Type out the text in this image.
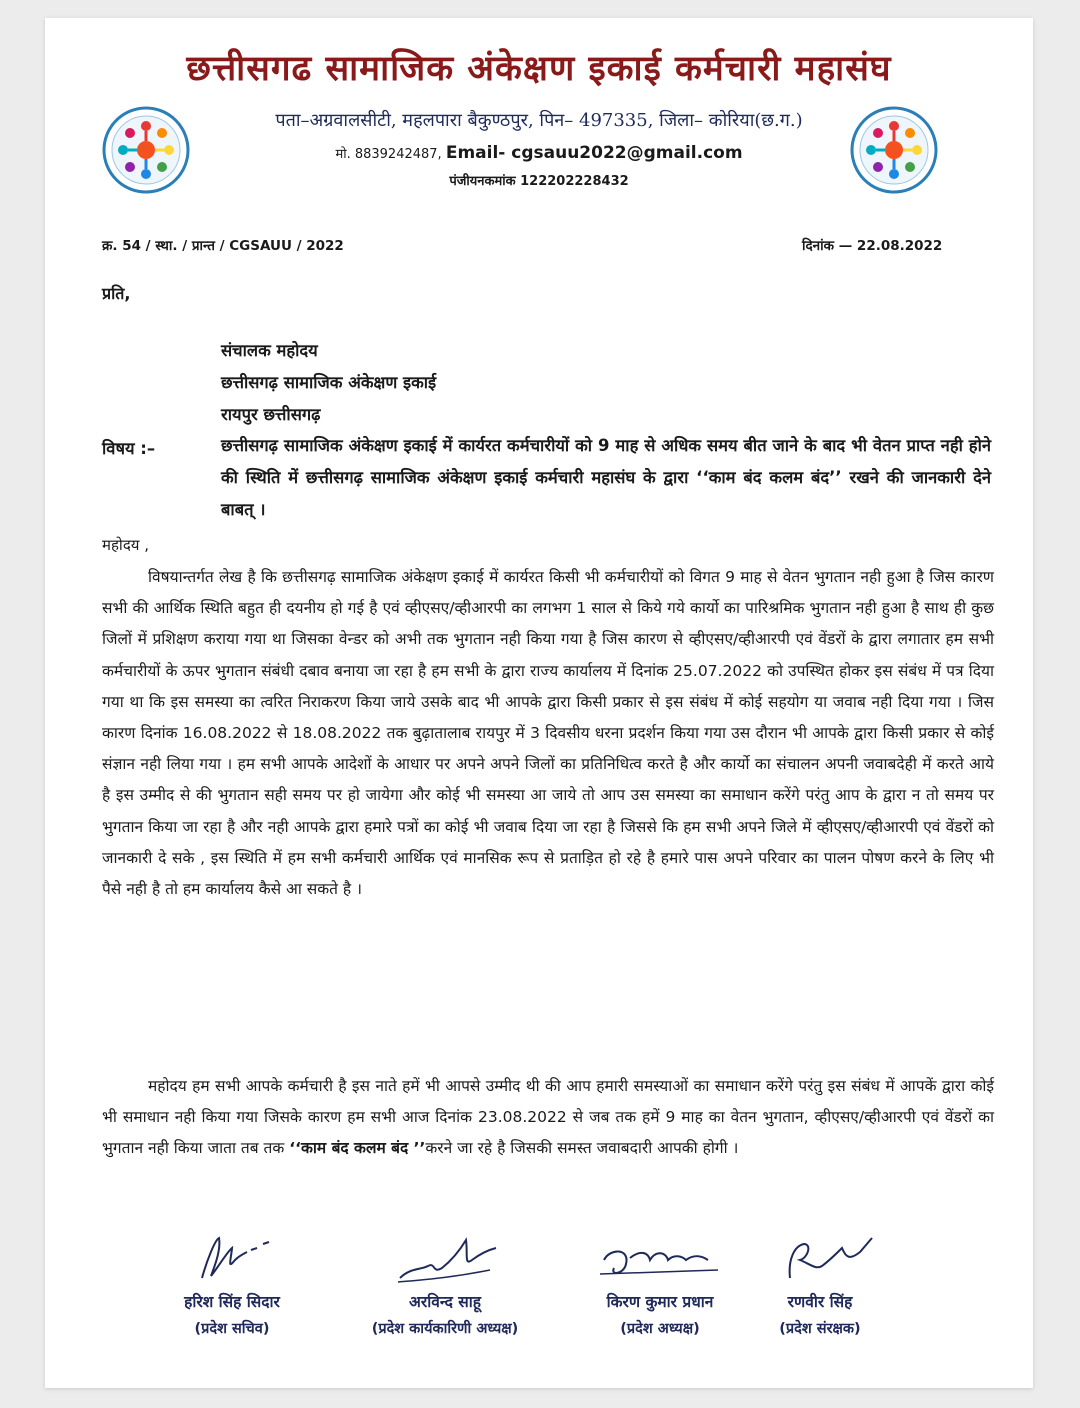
छत्तीसगढ सामाजिक अंकेक्षण इकाई कर्मचारी महासंघ
पता–अग्रवालसीटी, महलपारा बैकुण्ठपुर, पिन– 497335, जिला– कोरिया(छ.ग.)
मो. 8839242487, Email- cgsauu2022@gmail.com
पंजीयनकमांक 122202228432
क्र. 54 / स्था. / प्रान्त / CGSAUU / 2022	दिनांक — 22.08.2022
प्रति,
संचालक महोदय
छत्तीसगढ़ सामाजिक अंकेक्षण इकाई
रायपुर छत्तीसगढ़
विषय :–	छत्तीसगढ़ सामाजिक अंकेक्षण इकाई में कार्यरत कर्मचारीयों को 9 माह से अधिक समय बीत जाने के बाद भी वेतन प्राप्त नही होने की स्थिति में छत्तीसगढ़ सामाजिक अंकेक्षण इकाई कर्मचारी महासंघ के द्वारा ‘‘काम बंद कलम बंद’’ रखने की जानकारी देने बाबत् ।
महोदय ,
विषयान्तर्गत लेख है कि छत्तीसगढ़ सामाजिक अंकेक्षण इकाई में कार्यरत किसी भी कर्मचारीयों को विगत 9 माह से वेतन भुगतान नही हुआ है जिस कारण सभी की आर्थिक स्थिति बहुत ही दयनीय हो गई है एवं व्हीएसए/व्हीआरपी का लगभग 1 साल से किये गये कार्यो का पारिश्रमिक भुगतान नही हुआ है साथ ही कुछ जिलों में प्रशिक्षण कराया गया था जिसका वेन्डर को अभी तक भुगतान नही किया गया है जिस कारण से व्हीएसए/व्हीआरपी एवं वेंडरों के द्वारा लगातार हम सभी कर्मचारीयों के ऊपर भुगतान संबंधी दबाव बनाया जा रहा है हम सभी के द्वारा राज्य कार्यालय में दिनांक 25.07.2022 को उपस्थित होकर इस संबंध में पत्र दिया गया था कि इस समस्या का त्वरित निराकरण किया जाये उसके बाद भी आपके द्वारा किसी प्रकार से इस संबंध में कोई सहयोग या जवाब नही दिया गया । जिस कारण दिनांक 16.08.2022 से 18.08.2022 तक बुढ़ातालाब रायपुर में 3 दिवसीय धरना प्रदर्शन किया गया उस दौरान भी आपके द्वारा किसी प्रकार से कोई संज्ञान नही लिया गया । हम सभी आपके आदेशों के आधार पर अपने अपने जिलों का प्रतिनिधित्व करते है और कार्यो का संचालन अपनी जवाबदेही में करते आये है इस उम्मीद से की भुगतान सही समय पर हो जायेगा और कोई भी समस्या आ जाये तो आप उस समस्या का समाधान करेंगे परंतु आप के द्वारा न तो समय पर भुगतान किया जा रहा है और नही आपके द्वारा हमारे पत्रों का कोई भी जवाब दिया जा रहा है जिससे कि हम सभी अपने जिले में व्हीएसए/व्हीआरपी एवं वेंडरों को जानकारी दे सके , इस स्थिति में हम सभी कर्मचारी आर्थिक एवं मानसिक रूप से प्रताड़ित हो रहे है हमारे पास अपने परिवार का पालन पोषण करने के लिए भी पैसे नही है तो हम कार्यालय कैसे आ सकते है ।
महोदय हम सभी आपके कर्मचारी है इस नाते हमें भी आपसे उम्मीद थी की आप हमारी समस्याओं का समाधान करेंगे परंतु इस संबंध में आपकें द्वारा कोई भी समाधान नही किया गया जिसके कारण हम सभी आज दिनांक 23.08.2022 से जब तक हमें 9 माह का वेतन भुगतान, व्हीएसए/व्हीआरपी एवं वेंडरों का भुगतान नही किया जाता तब तक ‘‘काम बंद कलम बंद ’’करने जा रहे है जिसकी समस्त जवाबदारी आपकी होगी ।
हरिश सिंह सिदार
(प्रदेश सचिव)
अरविन्द साहू
(प्रदेश कार्यकारिणी अध्यक्ष)
किरण कुमार प्रधान
(प्रदेश अध्यक्ष)
रणवीर सिंह
(प्रदेश संरक्षक)
